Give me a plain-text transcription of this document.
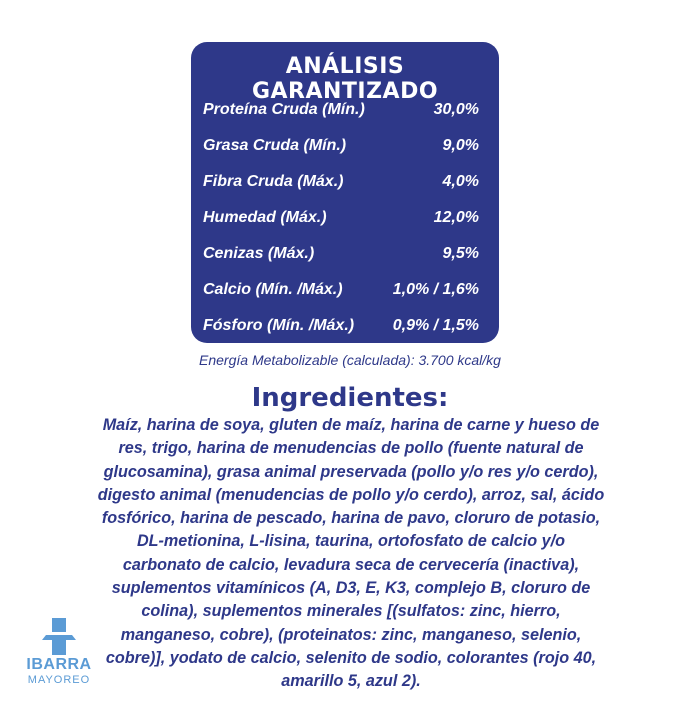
ANÁLISIS GARANTIZADO
Proteína Cruda (Mín.)	30,0%
Grasa Cruda (Mín.)	9,0%
Fibra Cruda (Máx.)	4,0%
Humedad (Máx.)	12,0%
Cenizas (Máx.)	9,5%
Calcio (Mín. /Máx.)	1,0% / 1,6%
Fósforo (Mín. /Máx.) 0,9% / 1,5%
Energía Metabolizable (calculada): 3.700 kcal/kg
Ingredientes:
Maíz, harina de soya, gluten de maíz, harina de carne y hueso de res, trigo, harina de menudencias de pollo (fuente natural de glucosamina), grasa animal preservada (pollo y/o res y/o cerdo), digesto animal (menudencias de pollo y/o cerdo), arroz, sal, ácido fosfórico, harina de pescado, harina de pavo, cloruro de potasio, DL-metionina, L-lisina, taurina, ortofosfato de calcio y/o carbonato de calcio, levadura seca de cervecería (inactiva), suplementos vitamínicos (A, D3, E, K3, complejo B, cloruro de colina), suplementos minerales [(sulfatos: zinc, hierro, manganeso, cobre), (proteinatos: zinc, manganeso, selenio, cobre)], yodato de calcio, selenito de sodio, colorantes (rojo 40, amarillo 5, azul 2).
IBARRA
MAYOREO
